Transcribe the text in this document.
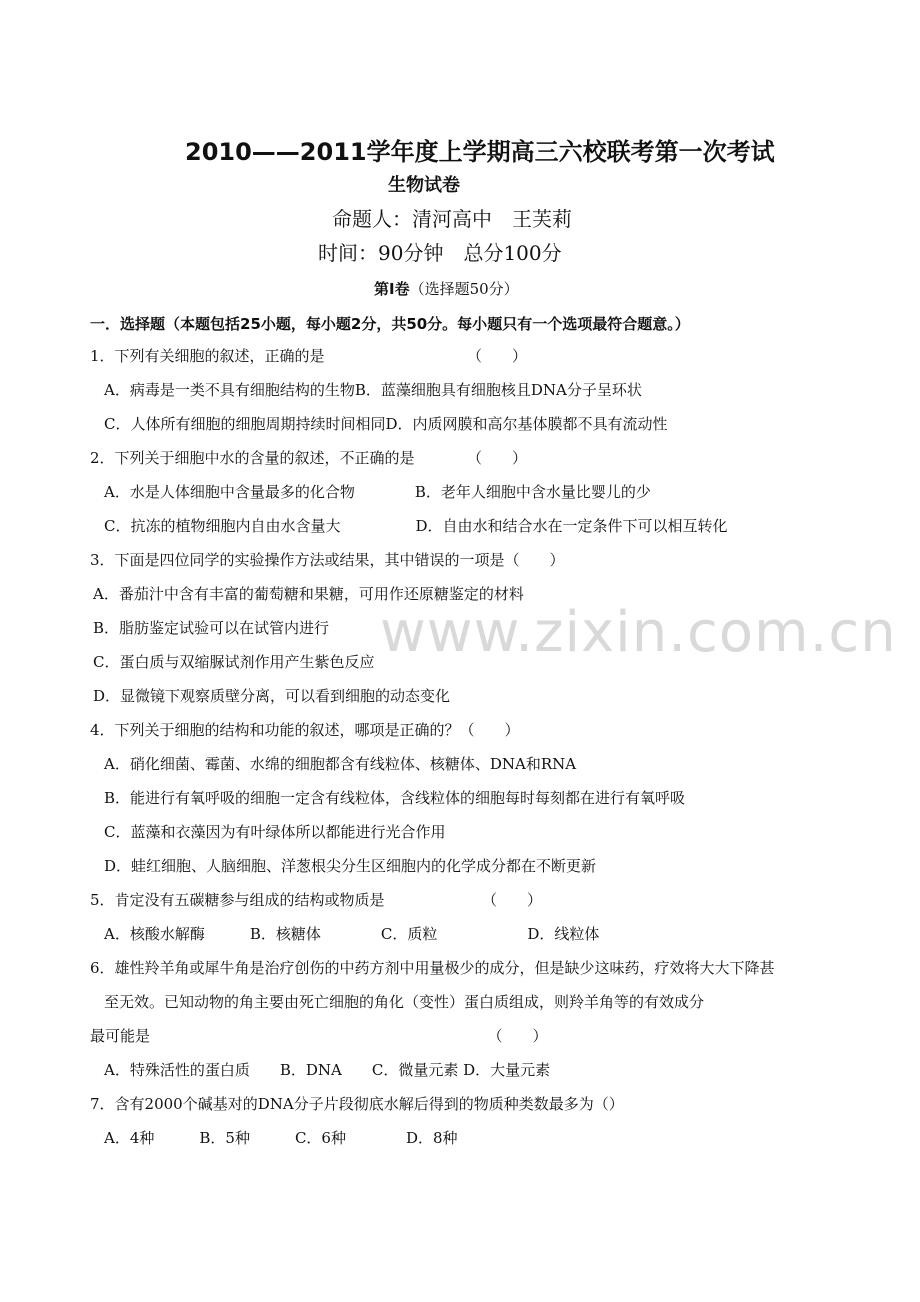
www.zixin.com.cn
2010——2011学年度上学期高三六校联考第一次考试
生物试卷
命题人：清河高中　王芙莉
时间：90分钟　总分100分
第Ⅰ卷（选择题50分）
一．选择题（本题包括25小题，每小题2分，共50分。每小题只有一个选项最符合题意。）
1．下列有关细胞的叙述，正确的是　　　　　　　　　　（　　）
A．病毒是一类不具有细胞结构的生物B．蓝藻细胞具有细胞核且DNA分子呈环状
C．人体所有细胞的细胞周期持续时间相同D．内质网膜和高尔基体膜都不具有流动性
2．下列关于细胞中水的含量的叙述，不正确的是　　　　（　　）
A．水是人体细胞中含量最多的化合物　　　　B．老年人细胞中含水量比婴儿的少
C．抗冻的植物细胞内自由水含量大　　　　　D．自由水和结合水在一定条件下可以相互转化
3．下面是四位同学的实验操作方法或结果，其中错误的一项是（　　）
A．番茄汁中含有丰富的葡萄糖和果糖，可用作还原糖鉴定的材料
B．脂肪鉴定试验可以在试管内进行
C．蛋白质与双缩脲试剂作用产生紫色反应
D．显微镜下观察质壁分离，可以看到细胞的动态变化
4．下列关于细胞的结构和功能的叙述，哪项是正确的？（　　）
A．硝化细菌、霉菌、水绵的细胞都含有线粒体、核糖体、DNA和RNA
B．能进行有氧呼吸的细胞一定含有线粒体，含线粒体的细胞每时每刻都在进行有氧呼吸
C．蓝藻和衣藻因为有叶绿体所以都能进行光合作用
D．蛙红细胞、人脑细胞、洋葱根尖分生区细胞内的化学成分都在不断更新
5．肯定没有五碳糖参与组成的结构或物质是　　　　　　　（　　）
A．核酸水解酶　　　B．核糖体　　　　C．质粒　　　　　　D．线粒体
6．雄性羚羊角或犀牛角是治疗创伤的中药方剂中用量极少的成分，但是缺少这味药，疗效将大大下降甚
至无效。已知动物的角主要由死亡细胞的角化（变性）蛋白质组成，则羚羊角等的有效成分
最可能是　　　　　　　　　　　　　　　　　　　　　　　（　　）
A．特殊活性的蛋白质　　B．DNA　　C．微量元素 D．大量元素
7．含有2000个碱基对的DNA分子片段彻底水解后得到的物质种类数最多为（）
A．4种　　　B．5种　　　C．6种　　　　D．8种
